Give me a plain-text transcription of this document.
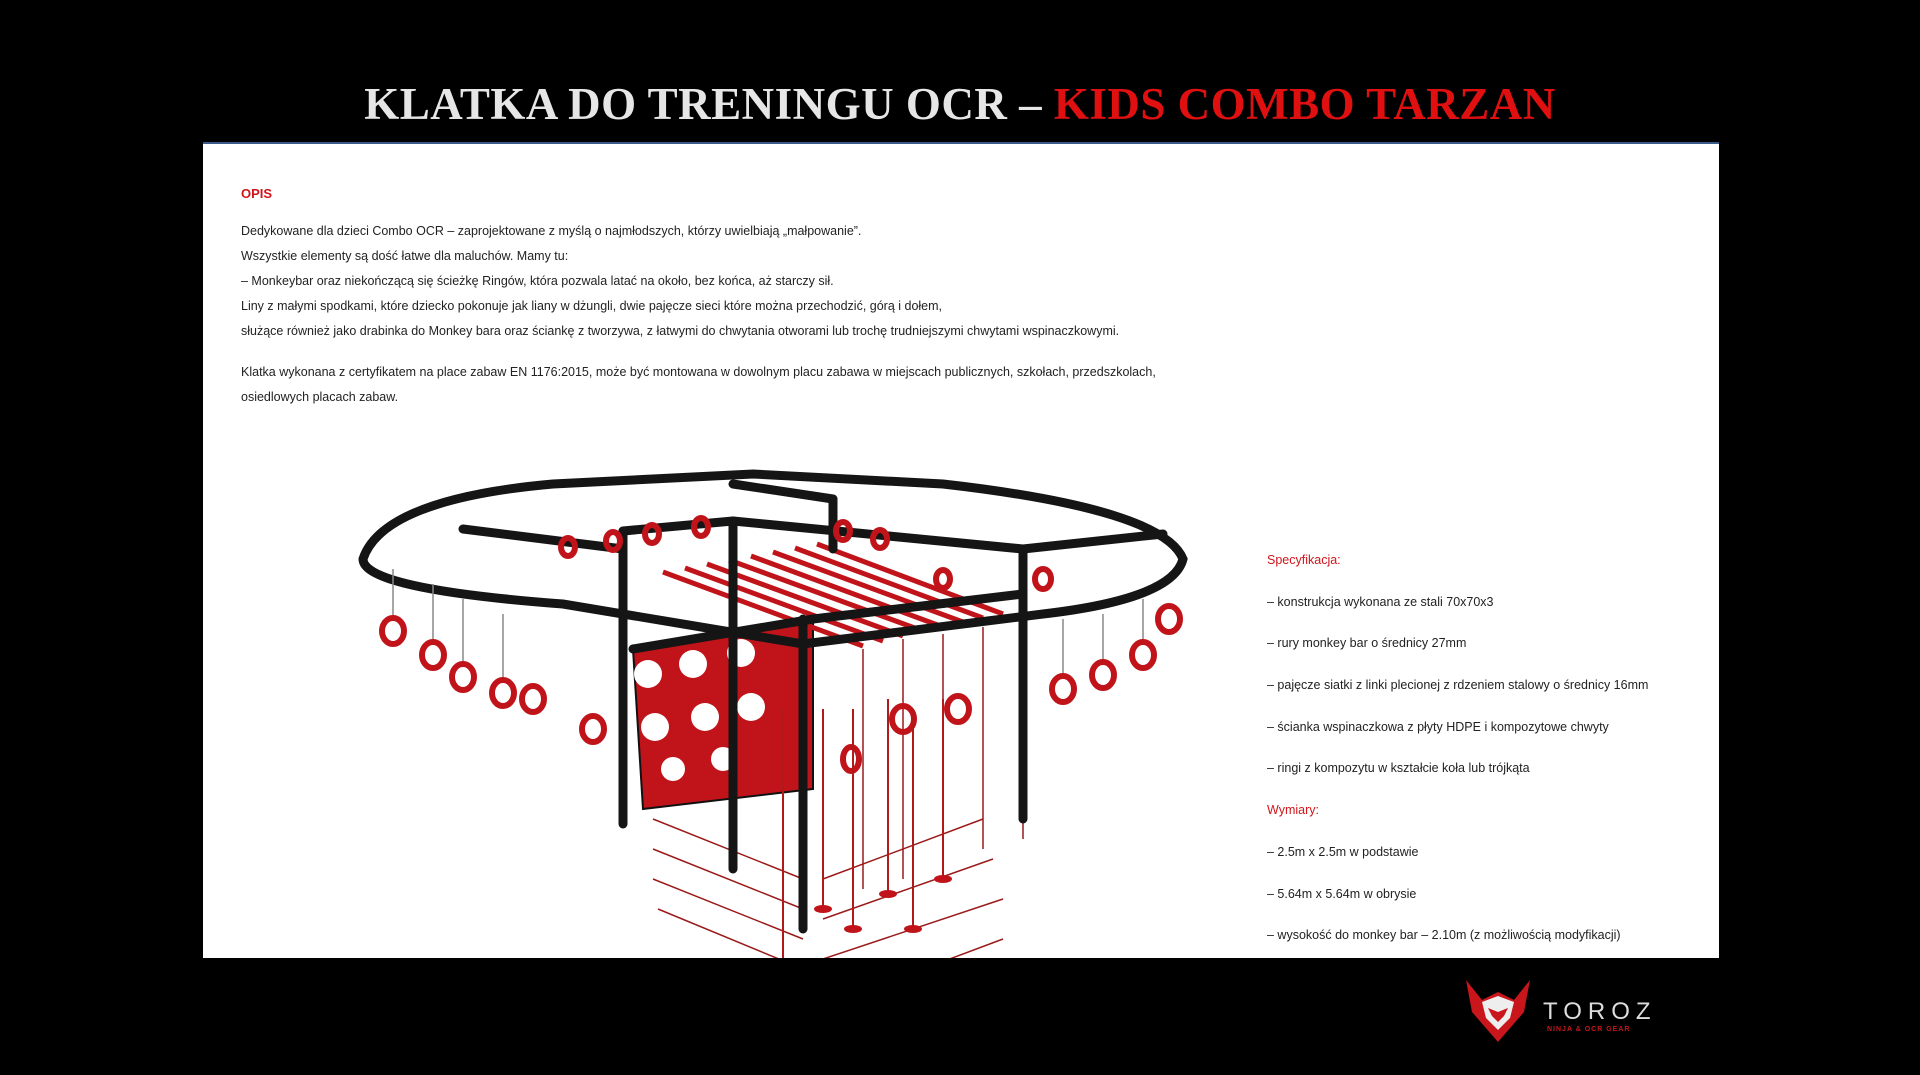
KLATKA DO TRENINGU OCR – KIDS COMBO TARZAN
OPIS

Dedykowane dla dzieci Combo OCR – zaprojektowane z myślą o najmłodszych, którzy uwielbiają „małpowanie”.

Wszystkie elementy są dość łatwe dla maluchów. Mamy tu:

– Monkeybar oraz niekończącą się ścieżkę Ringów, która pozwala latać na około, bez końca, aż starczy sił.

Liny z małymi spodkami, które dziecko pokonuje jak liany w dżungli, dwie pajęcze sieci które można przechodzić, górą i dołem,

służące również jako drabinka do Monkey bara oraz ściankę z tworzywa, z łatwymi do chwytania otworami lub trochę trudniejszymi chwytami wspinaczkowymi.

Klatka wykonana z certyfikatem na place zabaw EN 1176:2015, może być montowana w dowolnym placu zabawa w miejscach publicznych, szkołach, przedszkolach,

osiedlowych placach zabaw.

Specyfikacja:
– konstrukcja wykonana ze stali 70x70x3
– rury monkey bar o średnicy 27mm
– pajęcze siatki z linki plecionej z rdzeniem stalowy o średnicy 16mm
– ścianka wspinaczkowa z płyty HDPE i kompozytowe chwyty
– ringi z kompozytu w kształcie koła lub trójkąta
Wymiary:
– 2.5m x 2.5m w podstawie
– 5.64m x 5.64m w obrysie
– wysokość do monkey bar – 2.10m (z możliwością modyfikacji)
TOROZ
NINJA & OCR GEAR
